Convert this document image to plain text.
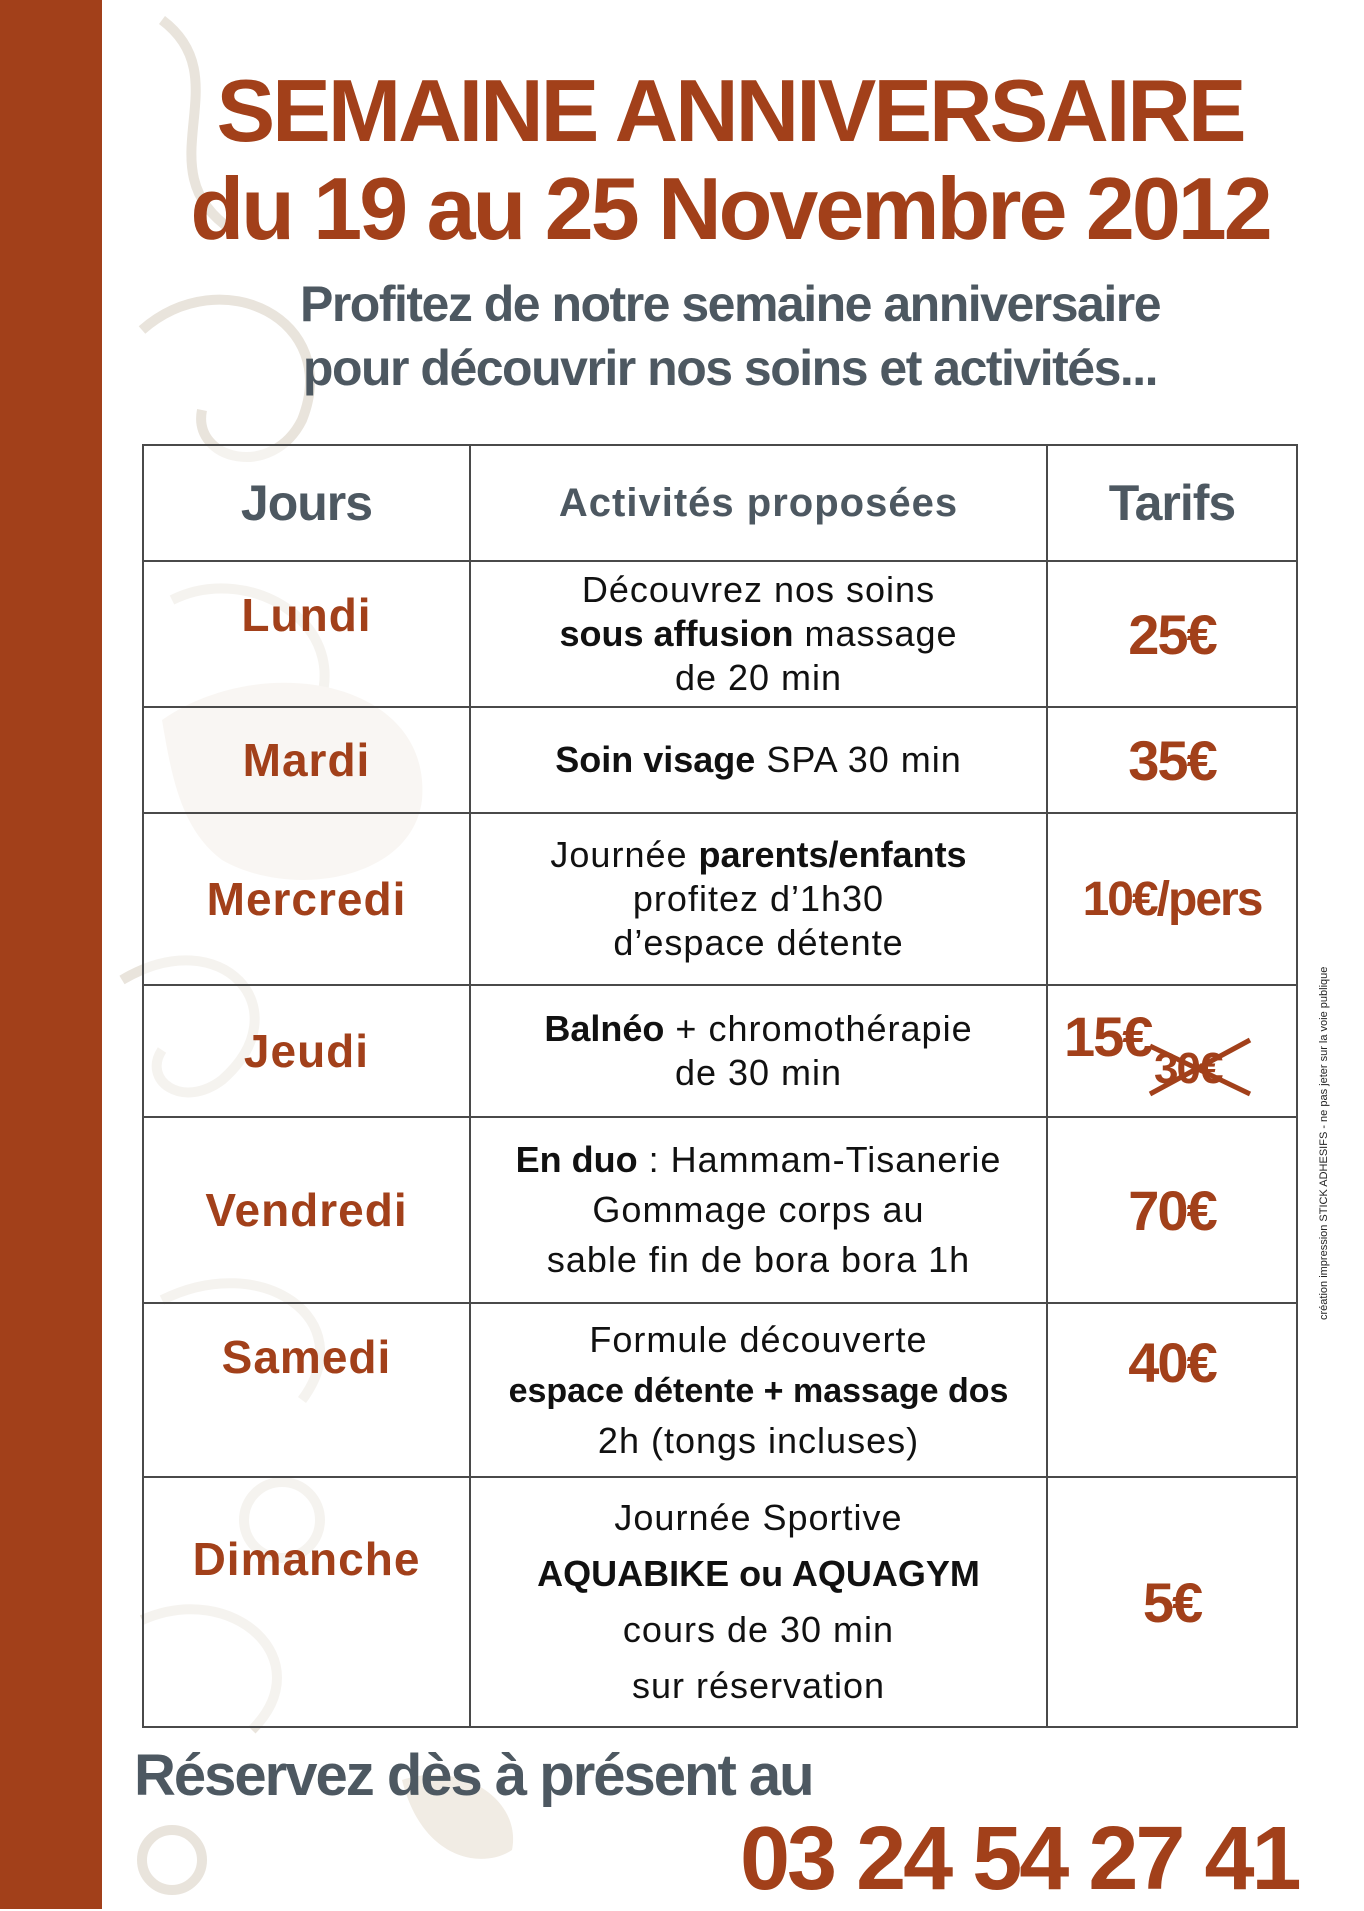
SEMAINE ANNIVERSAIRE
du 19 au 25 Novembre 2012
Profitez de notre semaine anniversaire
pour découvrir nos soins et activités...
Jours	Activités proposées	Tarifs
Lundi	Découvrez nos soins
sous affusion massage
de 20 min	25€
Mardi	Soin visage SPA 30 min	35€
Mercredi	Journée parents/enfants
profitez d’1h30
d’espace détente	10€/pers
Jeudi	Balnéo + chromothérapie
de 30 min	15€
30€

Vendredi	En duo : Hammam-Tisanerie
Gommage corps au
sable fin de bora bora 1h	70€
Samedi	Formule découverte
espace détente + massage dos
2h (tongs incluses)	40€
Dimanche	Journée Sportive
AQUABIKE ou AQUAGYM
cours de 30 min
sur réservation	5€
Réservez dès à présent au
03 24 54 27 41
création impression STICK ADHESIFS - ne pas jeter sur la voie publique
